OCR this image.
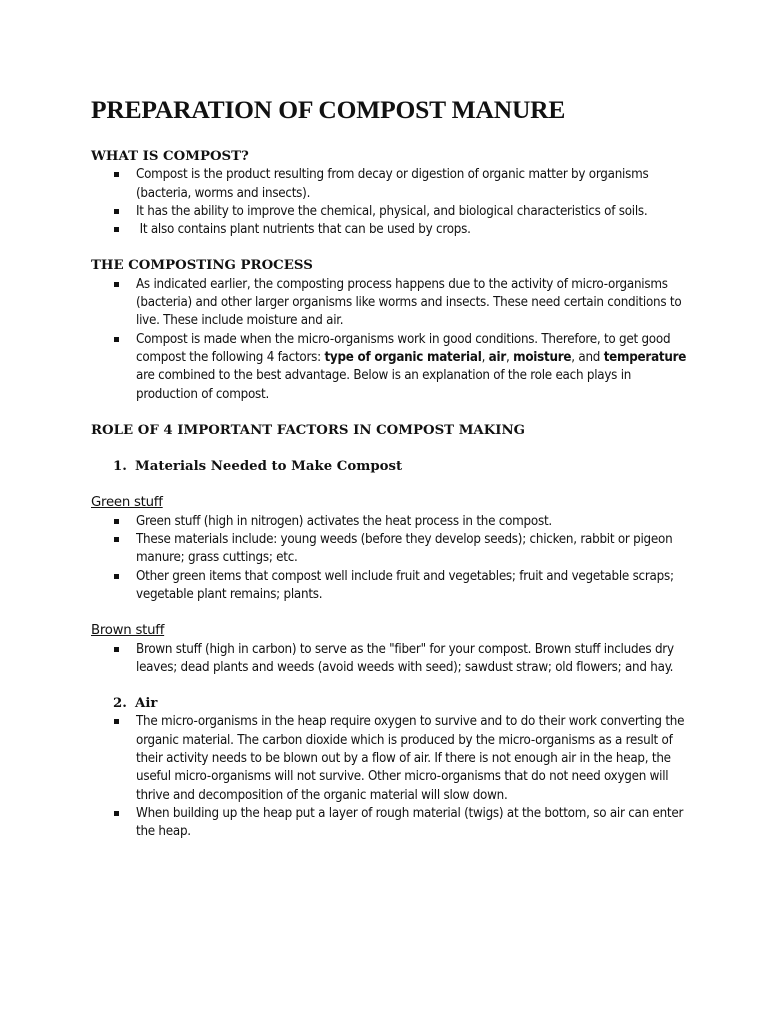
PREPARATION OF COMPOST MANURE

WHAT IS COMPOST?

Compost is the product resulting from decay or digestion of organic matter by organisms (bacteria, worms and insects).
It has the ability to improve the chemical, physical, and biological characteristics of soils.
It also contains plant nutrients that can be used by crops.

THE COMPOSTING PROCESS

As indicated earlier, the composting process happens due to the activity of micro-organisms (bacteria) and other larger organisms like worms and insects. These need certain conditions to live. These include moisture and air.
Compost is made when the micro-organisms work in good conditions. Therefore, to get good compost the following 4 factors: type of organic material, air, moisture, and temperature are combined to the best advantage. Below is an explanation of the role each plays in production of compost.

ROLE OF 4 IMPORTANT FACTORS IN COMPOST MAKING

1. Materials Needed to Make Compost

Green stuff

Green stuff (high in nitrogen) activates the heat process in the compost.
These materials include: young weeds (before they develop seeds); chicken, rabbit or pigeon manure; grass cuttings; etc.
Other green items that compost well include fruit and vegetables; fruit and vegetable scraps; vegetable plant remains; plants.

Brown stuff

Brown stuff (high in carbon) to serve as the "fiber" for your compost. Brown stuff includes dry leaves; dead plants and weeds (avoid weeds with seed); sawdust straw; old flowers; and hay.

2. Air

The micro-organisms in the heap require oxygen to survive and to do their work converting the organic material. The carbon dioxide which is produced by the micro-organisms as a result of their activity needs to be blown out by a flow of air. If there is not enough air in the heap, the useful micro-organisms will not survive. Other micro-organisms that do not need oxygen will thrive and decomposition of the organic material will slow down.
When building up the heap put a layer of rough material (twigs) at the bottom, so air can enter the heap.
